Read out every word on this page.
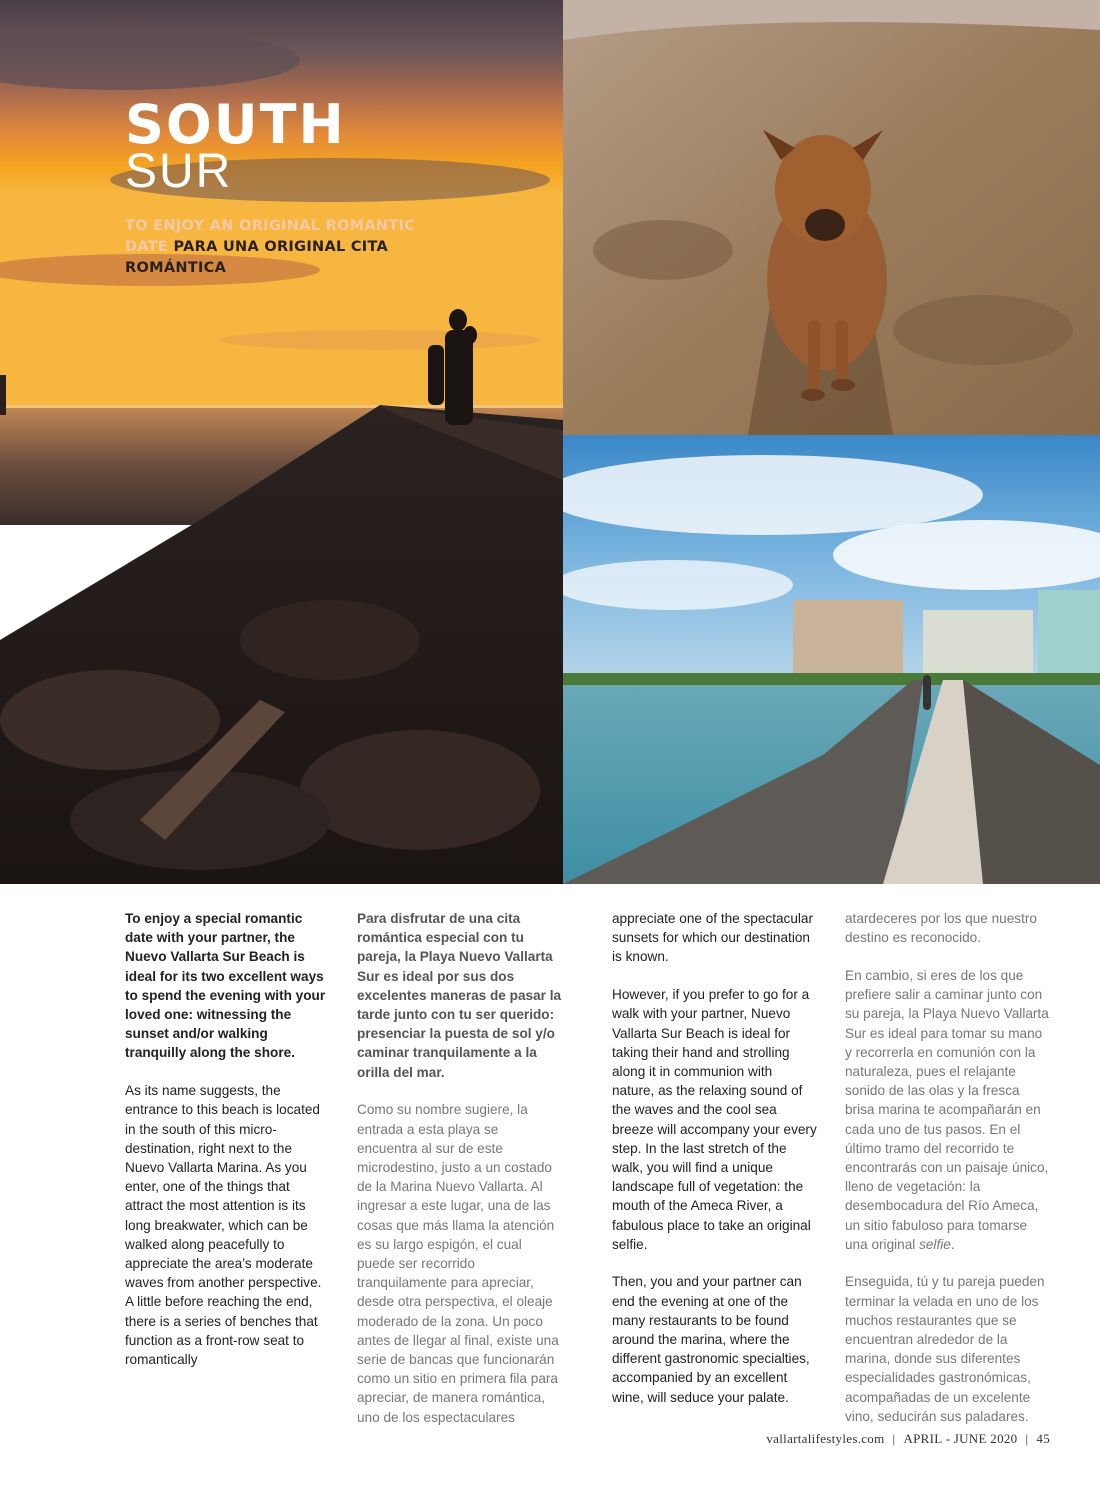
SOUTH
SUR

TO ENJOY AN ORIGINAL ROMANTIC DATE PARA UNA ORIGINAL CITA ROMÁNTICA

To enjoy a special romantic date with your partner, the Nuevo Vallarta Sur Beach is ideal for its two excellent ways to spend the evening with your loved one: witnessing the sunset and/or walking tranquilly along the shore.

As its name suggests, the entrance to this beach is located in the south of this micro-destination, right next to the Nuevo Vallarta Marina. As you enter, one of the things that attract the most attention is its long breakwater, which can be walked along peacefully to appreciate the area’s moderate waves from another perspective. A little before reaching the end, there is a series of benches that function as a front-row seat to romantically

Para disfrutar de una cita romántica especial con tu pareja, la Playa Nuevo Vallarta Sur es ideal por sus dos excelentes maneras de pasar la tarde junto con tu ser querido: presenciar la puesta de sol y/o caminar tranquilamente a la orilla del mar.

Como su nombre sugiere, la entrada a esta playa se encuentra al sur de este microdestino, justo a un costado de la Marina Nuevo Vallarta. Al ingresar a este lugar, una de las cosas que más llama la atención es su largo espigón, el cual puede ser recorrido tranquilamente para apreciar, desde otra perspectiva, el oleaje moderado de la zona. Un poco antes de llegar al final, existe una serie de bancas que funcionarán como un sitio en primera fila para apreciar, de manera romántica, uno de los espectaculares

appreciate one of the spectacular sunsets for which our destination is known.

However, if you prefer to go for a walk with your partner, Nuevo Vallarta Sur Beach is ideal for taking their hand and strolling along it in communion with nature, as the relaxing sound of the waves and the cool sea breeze will accompany your every step. In the last stretch of the walk, you will find a unique landscape full of vegetation: the mouth of the Ameca River, a fabulous place to take an original selfie.

Then, you and your partner can end the evening at one of the many restaurants to be found around the marina, where the different gastronomic specialties, accompanied by an excellent wine, will seduce your palate.

atardeceres por los que nuestro destino es reconocido.

En cambio, si eres de los que prefiere salir a caminar junto con su pareja, la Playa Nuevo Vallarta Sur es ideal para tomar su mano y recorrerla en comunión con la naturaleza, pues el relajante sonido de las olas y la fresca brisa marina te acompañarán en cada uno de tus pasos. En el último tramo del recorrido te encontrarás con un paisaje único, lleno de vegetación: la desembocadura del Río Ameca, un sitio fabuloso para tomarse una original selfie.

Enseguida, tú y tu pareja pueden terminar la velada en uno de los muchos restaurantes que se encuentran alrededor de la marina, donde sus diferentes especialidades gastronómicas, acompañadas de un excelente vino, seducirán sus paladares.

vallartalifestyles.com | APRIL - JUNE 2020 | 45
